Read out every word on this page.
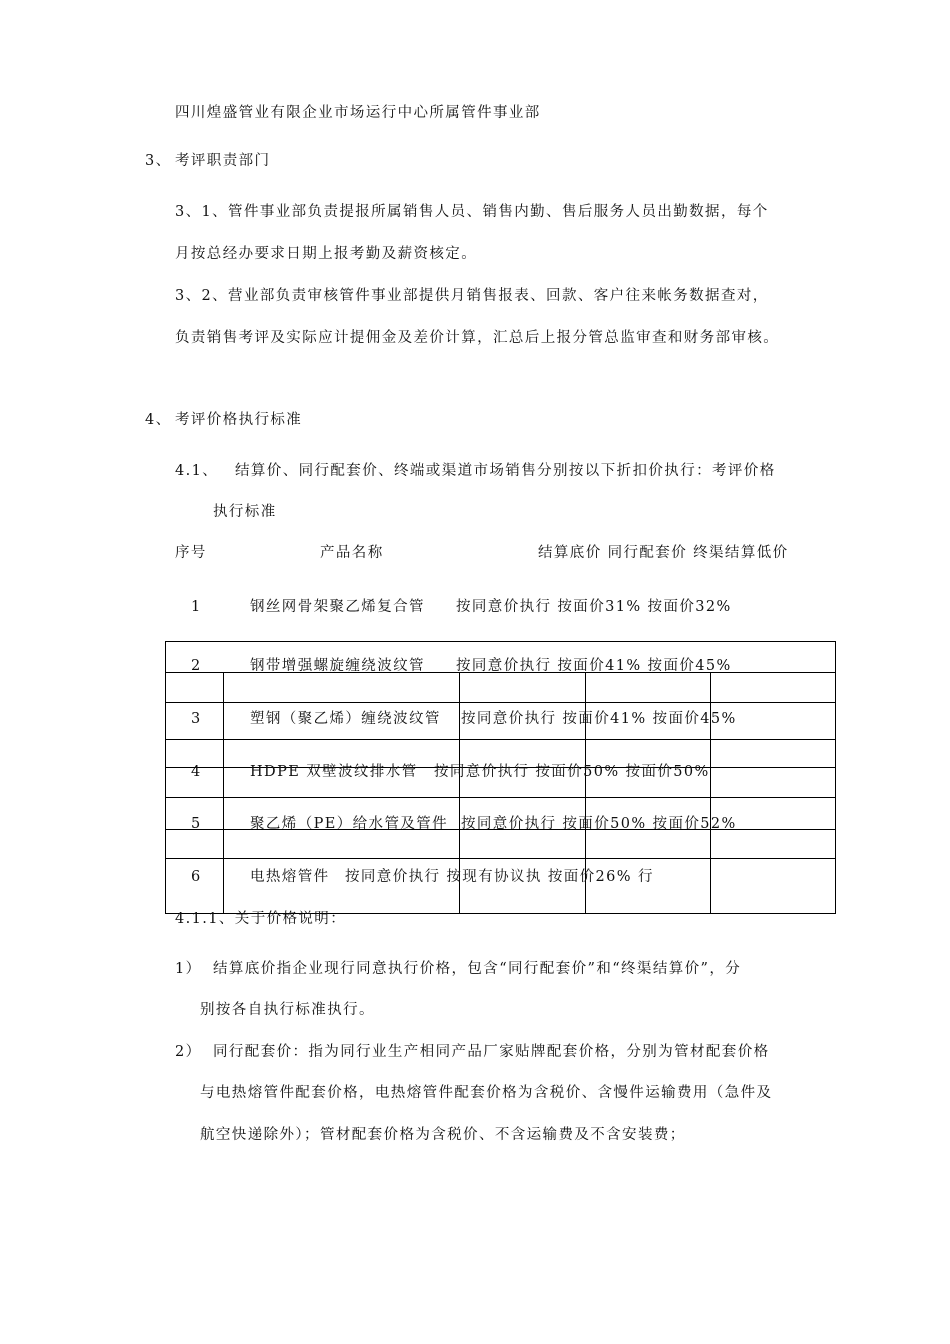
四川煌盛管业有限企业市场运行中心所属管件事业部
3、 考评职责部门
3、1、管件事业部负责提报所属销售人员、销售内勤、售后服务人员出勤数据，每个
月按总经办要求日期上报考勤及薪资核定。
3、2、营业部负责审核管件事业部提供月销售报表、回款、客户往来帐务数据查对，
负责销售考评及实际应计提佣金及差价计算，汇总后上报分管总监审查和财务部审核。
4、 考评价格执行标准
4.1、 结算价、同行配套价、终端或渠道市场销售分别按以下折扣价执行：考评价格
执行标准
序号	产品名称	结算底价 同行配套价 终渠结算低价
1	钢丝网骨架聚乙烯复合管 按同意价执行 按面价31% 按面价32%
2	钢带增强螺旋缠绕波纹管 按同意价执行 按面价41% 按面价45%
3	塑钢（聚乙烯）缠绕波纹管 按同意价执行 按面价41% 按面价45%
4	HDPE 双壁波纹排水管 按同意价执行 按面价50% 按面价50%
5	聚乙烯（PE）给水管及管件 按同意价执行 按面价50% 按面价52%
6	电热熔管件 按同意价执行 按现有协议执 按面价26% 行
4.1.1、关于价格说明：
1） 结算底价指企业现行同意执行价格，包含“同行配套价”和“终渠结算价”，分
别按各自执行标准执行。
2） 同行配套价：指为同行业生产相同产品厂家贴牌配套价格，分别为管材配套价格
与电热熔管件配套价格，电热熔管件配套价格为含税价、含慢件运输费用（急件及
航空快递除外）；管材配套价格为含税价、不含运输费及不含安装费；
